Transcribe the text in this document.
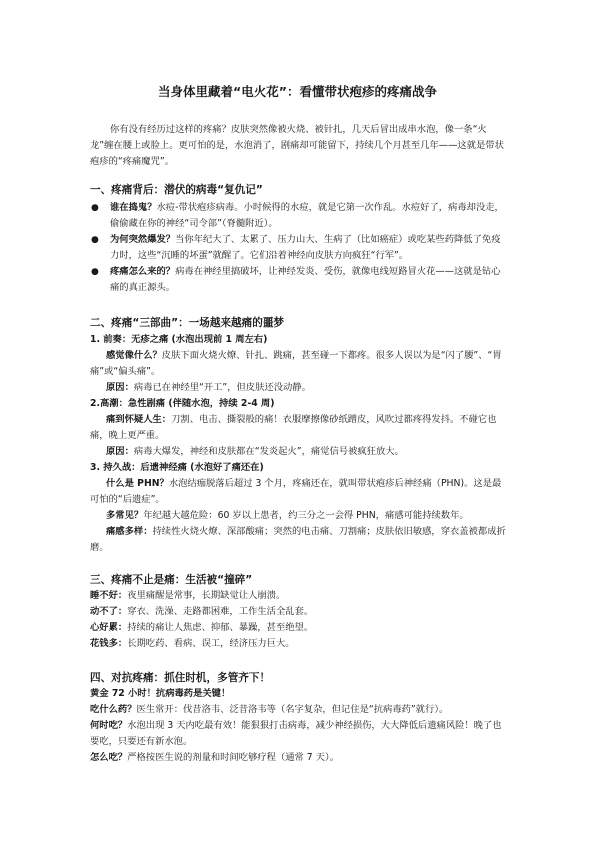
当身体里藏着“电火花”：看懂带状疱疹的疼痛战争
你有没有经历过这样的疼痛？皮肤突然像被火烧、被针扎，几天后冒出成串水泡，像一条“火龙”缠在腰上或脸上。更可怕的是，水泡消了，剧痛却可能留下，持续几个月甚至几年——这就是带状疱疹的“疼痛魔咒”。
一、疼痛背后：潜伏的病毒“复仇记”
● 谁在捣鬼？水痘-带状疱疹病毒。小时候得的水痘，就是它第一次作乱。水痘好了，病毒却没走，偷偷藏在你的神经“司令部”（脊髓附近）。
● 为何突然爆发？当你年纪大了、太累了、压力山大、生病了（比如癌症）或吃某些药降低了免疫力时，这些“沉睡的坏蛋”就醒了。它们沿着神经向皮肤方向疯狂“行军”。
● 疼痛怎么来的？病毒在神经里搞破坏，让神经发炎、受伤，就像电线短路冒火花——这就是钻心痛的真正源头。
二、疼痛“三部曲”：一场越来越痛的噩梦
1. 前奏：无疹之痛 (水泡出现前 1 周左右)
感觉像什么？皮肤下面火烧火燎、针扎、跳痛，甚至碰一下都疼。很多人误以为是“闪了腰”、“胃痛”或“偏头痛”。
原因：病毒已在神经里“开工”，但皮肤还没动静。
2.高潮：急性剧痛 (伴随水泡，持续 2-4 周)
痛到怀疑人生：刀割、电击、撕裂般的痛！衣服摩擦像砂纸蹭皮，风吹过都疼得发抖。不碰它也痛，晚上更严重。
原因：病毒大爆发，神经和皮肤都在“发炎起火”，痛觉信号被疯狂放大。
3. 持久战：后遗神经痛 (水泡好了痛还在)
什么是 PHN？水泡结痂脱落后超过 3 个月，疼痛还在，就叫带状疱疹后神经痛（PHN)。这是最可怕的“后遗症”。
多常见？年纪越大越危险：60 岁以上患者，约三分之一会得 PHN，痛感可能持续数年。
痛感多样：持续性火烧火燎、深部酸痛；突然的电击痛、刀割痛；皮肤依旧敏感，穿衣盖被都成折磨。
三、疼痛不止是痛：生活被“撞碎”
睡不好：夜里痛醒是常事，长期缺觉让人崩溃。
动不了：穿衣、洗澡、走路都困难，工作生活全乱套。
心好累：持续的痛让人焦虑、抑郁、暴躁，甚至绝望。
花钱多：长期吃药、看病、误工，经济压力巨大。
四、对抗疼痛：抓住时机，多管齐下！
黄金 72 小时！抗病毒药是关键！
吃什么药？医生常开：伐昔洛韦、泛昔洛韦等（名字复杂，但记住是“抗病毒药”就行）。
何时吃？水泡出现 3 天内吃最有效！能狠狠打击病毒，减少神经损伤，大大降低后遗痛风险！晚了也要吃，只要还有新水泡。
怎么吃？严格按医生说的剂量和时间吃够疗程（通常 7 天）。
